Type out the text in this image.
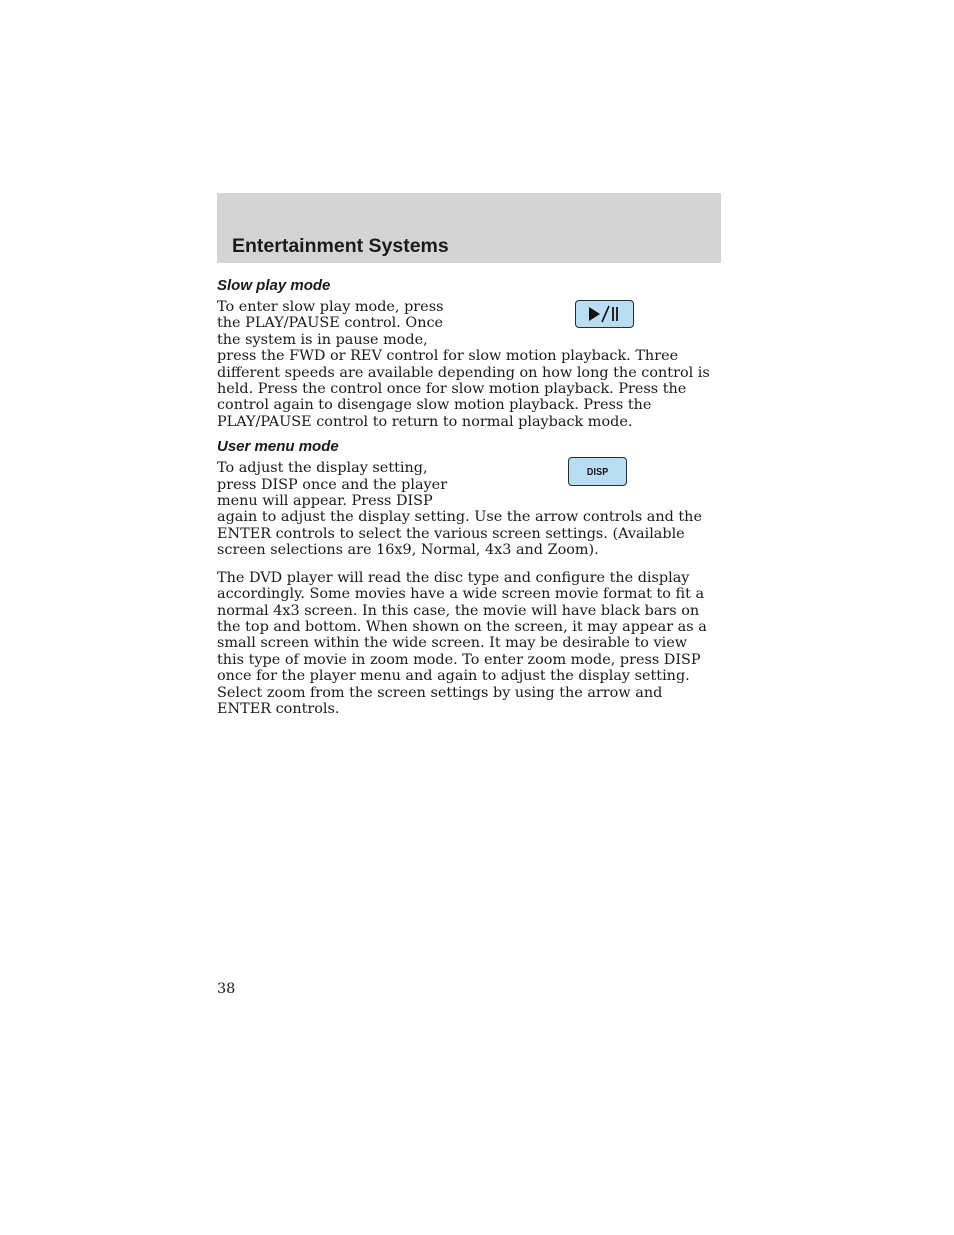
Entertainment Systems
Slow play mode

To enter slow play mode, press the PLAY/PAUSE control. Once the system is in pause mode, press the FWD or REV control for slow motion playback. Three different speeds are available depending on how long the control is held. Press the control once for slow motion playback. Press the control again to disengage slow motion playback. Press the PLAY/PAUSE control to return to normal playback mode.

User menu mode
DISP

To adjust the display setting, press DISP once and the player menu will appear. Press DISP again to adjust the display setting. Use the arrow controls and the ENTER controls to select the various screen settings. (Available screen selections are 16x9, Normal, 4x3 and Zoom).

The DVD player will read the disc type and configure the display accordingly. Some movies have a wide screen movie format to fit a normal 4x3 screen. In this case, the movie will have black bars on the top and bottom. When shown on the screen, it may appear as a small screen within the wide screen. It may be desirable to view this type of movie in zoom mode. To enter zoom mode, press DISP once for the player menu and again to adjust the display setting. Select zoom from the screen settings by using the arrow and ENTER controls.

38
